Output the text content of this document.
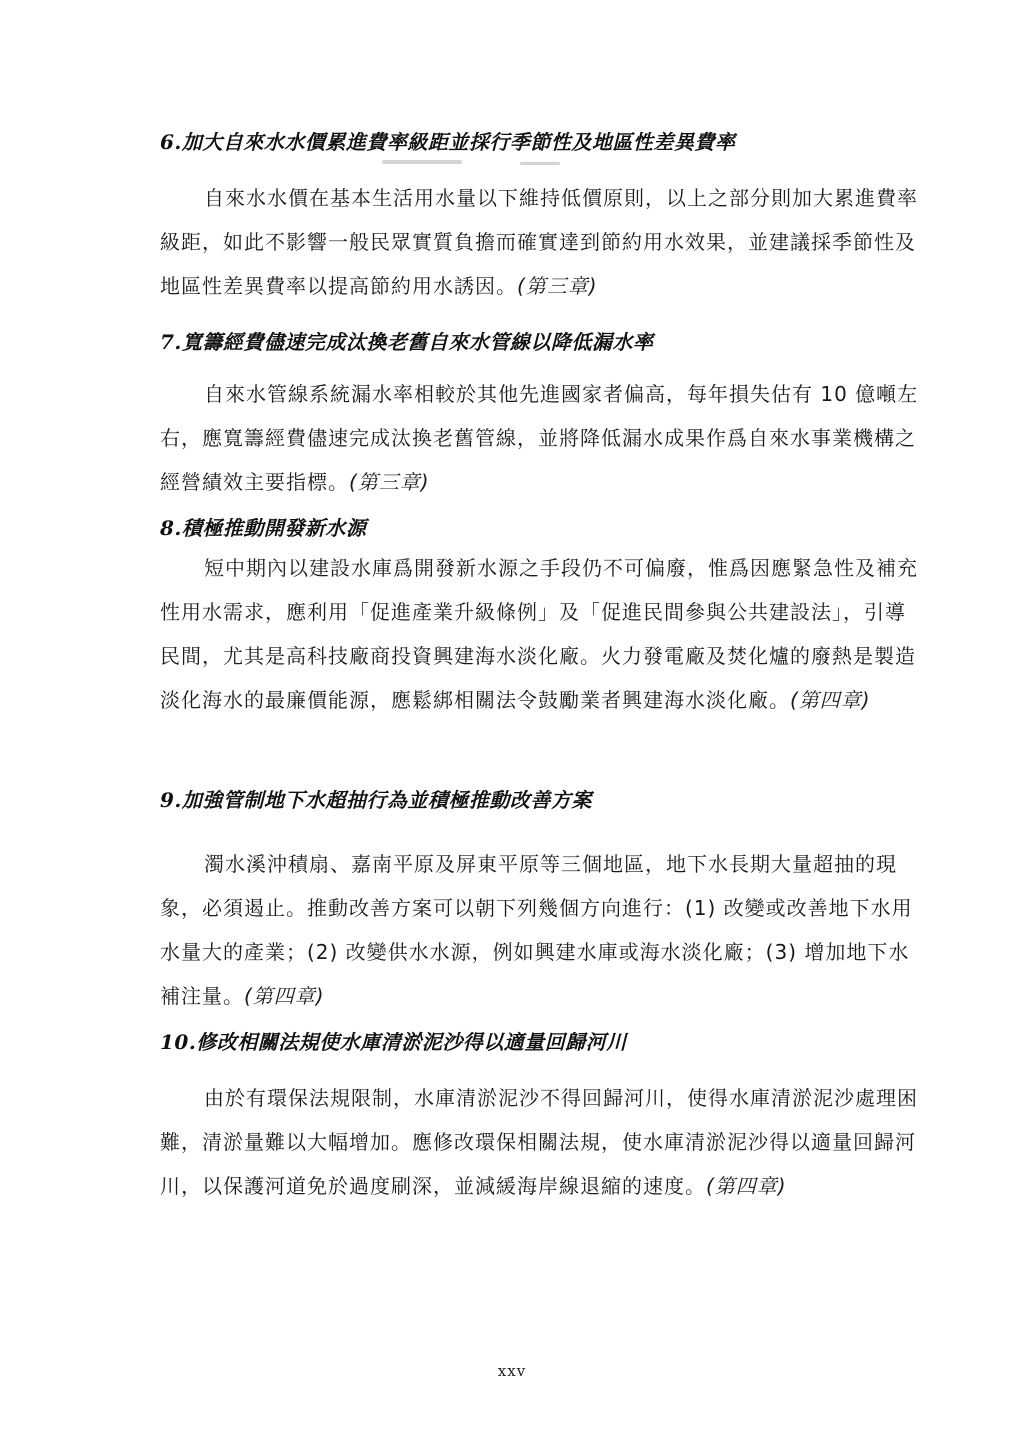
6.加大自來水水價累進費率級距並採行季節性及地區性差異費率
自來水水價在基本生活用水量以下維持低價原則，以上之部分則加大累進費率級距，如此不影響一般民眾實質負擔而確實達到節約用水效果，並建議採季節性及地區性差異費率以提高節約用水誘因。(第三章)
7.寬籌經費儘速完成汰換老舊自來水管線以降低漏水率
自來水管線系統漏水率相較於其他先進國家者偏高，每年損失估有 10 億噸左右，應寬籌經費儘速完成汰換老舊管線，並將降低漏水成果作爲自來水事業機構之經營績效主要指標。(第三章)
8.積極推動開發新水源
短中期內以建設水庫爲開發新水源之手段仍不可偏廢，惟爲因應緊急性及補充性用水需求，應利用「促進產業升級條例」及「促進民間參與公共建設法」，引導民間，尤其是高科技廠商投資興建海水淡化廠。火力發電廠及焚化爐的廢熱是製造淡化海水的最廉價能源，應鬆綁相關法令鼓勵業者興建海水淡化廠。(第四章)
9.加強管制地下水超抽行為並積極推動改善方案
濁水溪沖積扇、嘉南平原及屏東平原等三個地區，地下水長期大量超抽的現象，必須遏止。推動改善方案可以朝下列幾個方向進行：(1) 改變或改善地下水用水量大的產業；(2) 改變供水水源，例如興建水庫或海水淡化廠；(3) 增加地下水補注量。(第四章)
10.修改相關法規使水庫清淤泥沙得以適量回歸河川
由於有環保法規限制，水庫清淤泥沙不得回歸河川，使得水庫清淤泥沙處理困難，清淤量難以大幅增加。應修改環保相關法規，使水庫清淤泥沙得以適量回歸河川，以保護河道免於過度刷深，並減緩海岸線退縮的速度。(第四章)
xxv
